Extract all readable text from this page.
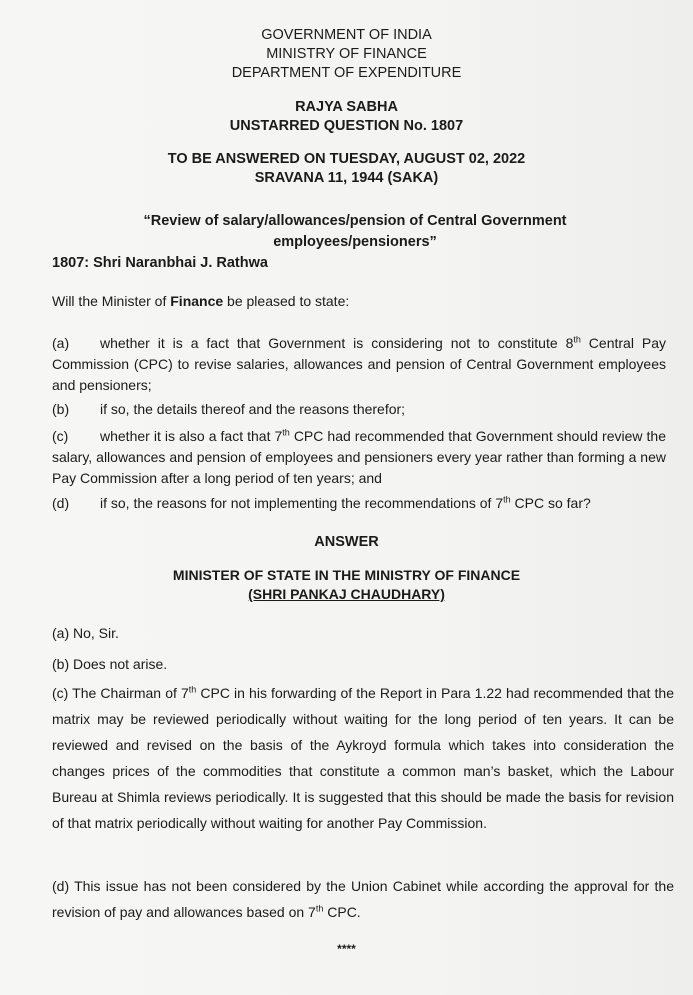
GOVERNMENT OF INDIA
MINISTRY OF FINANCE
DEPARTMENT OF EXPENDITURE
RAJYA SABHA
UNSTARRED QUESTION No. 1807
TO BE ANSWERED ON TUESDAY, AUGUST 02, 2022
SRAVANA 11, 1944 (SAKA)
“Review of salary/allowances/pension of Central Government
employees/pensioners”
1807: Shri Naranbhai J. Rathwa
Will the Minister of Finance be pleased to state:
(a) whether it is a fact that Government is considering not to constitute 8th Central Pay Commission (CPC) to revise salaries, allowances and pension of Central Government employees and pensioners;
(b) if so, the details thereof and the reasons therefor;
(c) whether it is also a fact that 7th CPC had recommended that Government should review the salary, allowances and pension of employees and pensioners every year rather than forming a new Pay Commission after a long period of ten years; and
(d) if so, the reasons for not implementing the recommendations of 7th CPC so far?
ANSWER
MINISTER OF STATE IN THE MINISTRY OF FINANCE
(SHRI PANKAJ CHAUDHARY)
(a) No, Sir.
(b) Does not arise.
(c) The Chairman of 7th CPC in his forwarding of the Report in Para 1.22 had recommended that the matrix may be reviewed periodically without waiting for the long period of ten years. It can be reviewed and revised on the basis of the Aykroyd formula which takes into consideration the changes prices of the commodities that constitute a common man’s basket, which the Labour Bureau at Shimla reviews periodically. It is suggested that this should be made the basis for revision of that matrix periodically without waiting for another Pay Commission.
(d) This issue has not been considered by the Union Cabinet while according the approval for the revision of pay and allowances based on 7th CPC.
****
